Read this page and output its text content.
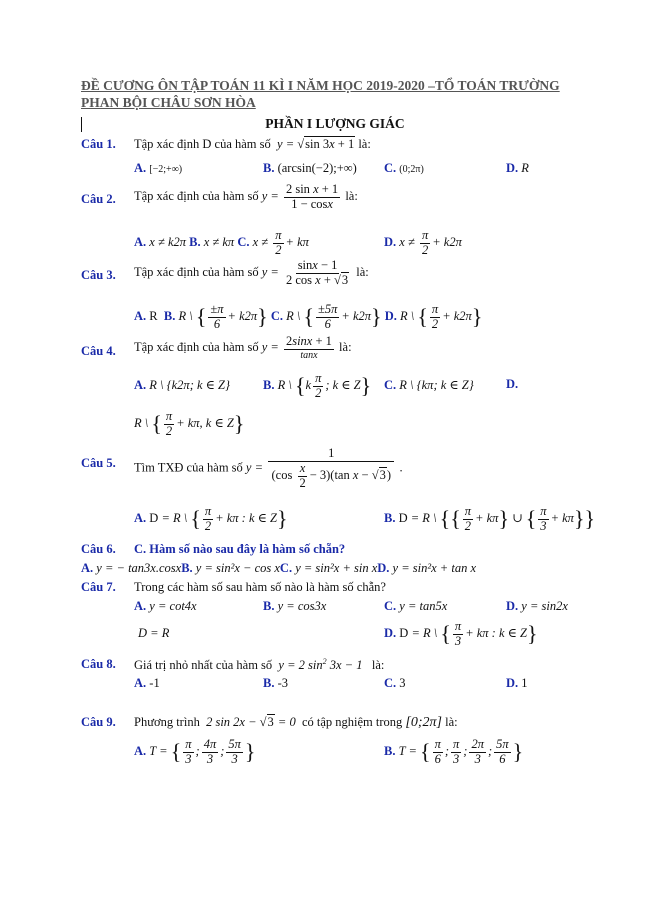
ĐỀ CƯƠNG ÔN TẬP TOÁN 11 KÌ I NĂM HỌC 2019-2020 –TỔ TOÁN TRƯỜNG PHAN BỘI CHÂU SƠN HÒA
PHẦN I LƯỢNG GIÁC
Câu 1. Tập xác định D của hàm số  y = √sin 3x + 1 là:
A. [−2;+∞)	B. (arcsin(−2);+∞) C. (0;2π)	D. R
Câu 2. Tập xác định của hàm số $y = \frac{\text{2 sin x + 1}}{1 - \cos x}$ là:
A. x ≠ k2π B. x ≠ kπ C. $x \ne \frac{\pi}{2} + k\pi$	D. $x \ne \frac{\pi}{2} + k2\pi$
Câu 3. Tập xác định của hàm số $y = \frac{\sin x - 1}{\text{2 cos x + √3}}$ là:
A. R B. R \ { $\frac{\pm\pi}{6} + k2\pi$} C. R \ { $\frac{\pm 5\pi}{6} + k2\pi$} D. R \ { $\frac{\pi}{2} + k2\pi$}
Câu 4. Tập xác định của hàm số $y = \frac{2\sin x + 1}{\tan x}$ là:
A. R \ {k2π; k ∈ Z}	B. R \ {$k \frac{\pi}{2}$ ; k ∈ Z} C. R \ {kπ; k ∈ Z}	D.
R \ { $\frac{\pi}{2} + k\pi$, k ∈ Z}
Câu 5. Tìm TXĐ của hàm số $y = \frac{1}{(\cos \frac{x}{2} - 3)(\tan x - √3)}$ .
A. D = R \ { $\frac{\pi}{2} + k\pi$ : k ∈ Z}	B. D = R \ {{ $\frac{\pi}{2} + k\pi$} ∪ { $\frac{\pi}{3} + k\pi$}}
Câu 6. C. Hàm số nào sau đây là hàm số chẵn?
A. y = − tan3x.cosxB. y = sin²x − cos xC. y = sin²x + sin xD. y = sin²x + tan x
Câu 7. Trong các hàm số sau hàm số nào là hàm số chẵn?
A. y = cot4x	B. y = cos3x	C. y = tan5x	D. y = sin2x
D = R	D. D = R \ { $\frac{\pi}{3} + k\pi$ : k ∈ Z}
Câu 8. Giá trị nhỏ nhất của hàm số  y = 2 $\sin^2 3x - 1$ là:
A. -1	B. -3	C. 3	D. 1
Câu 9. Phương trình  2 sin 2x − √3 = 0 có tập nghiệm trong [0;2π] là:
A. T = { $\frac{\pi}{3}$ ; $\frac{4\pi}{3}$ ; $\frac{5\pi}{3}$ }	B. T = { $\frac{\pi}{6}$ ; $\frac{\pi}{3}$ ; $\frac{2\pi}{3}$ ; $\frac{5\pi}{6}$ }
